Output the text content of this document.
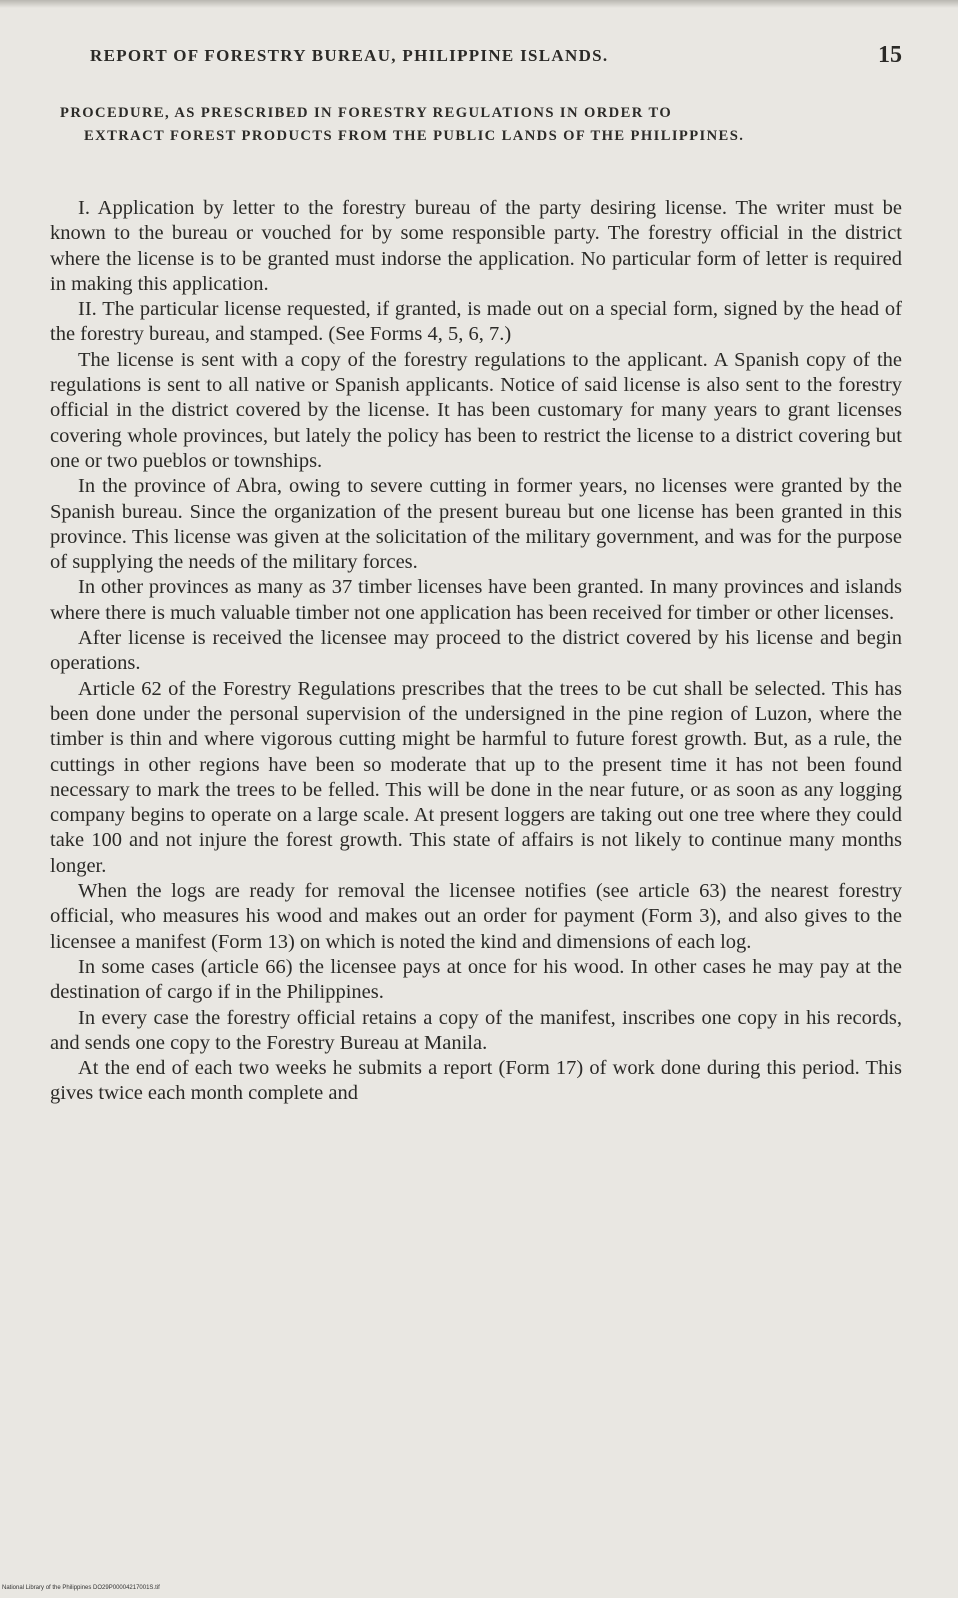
REPORT OF FORESTRY BUREAU, PHILIPPINE ISLANDS.	15
PROCEDURE, AS PRESCRIBED IN FORESTRY REGULATIONS IN ORDER TO
EXTRACT FOREST PRODUCTS FROM THE PUBLIC LANDS OF THE PHILIPPINES.

I. Application by letter to the forestry bureau of the party desiring license. The writer must be known to the bureau or vouched for by some responsible party. The forestry official in the district where the license is to be granted must indorse the application. No particular form of letter is required in making this application.

II. The particular license requested, if granted, is made out on a special form, signed by the head of the forestry bureau, and stamped. (See Forms 4, 5, 6, 7.)

The license is sent with a copy of the forestry regulations to the applicant. A Spanish copy of the regulations is sent to all native or Spanish applicants. Notice of said license is also sent to the forestry official in the district covered by the license. It has been customary for many years to grant licenses covering whole provinces, but lately the policy has been to restrict the license to a district covering but one or two pueblos or townships.

In the province of Abra, owing to severe cutting in former years, no licenses were granted by the Spanish bureau. Since the organization of the present bureau but one license has been granted in this province. This license was given at the solicitation of the military government, and was for the purpose of supplying the needs of the military forces.

In other provinces as many as 37 timber licenses have been granted. In many provinces and islands where there is much valuable timber not one application has been received for timber or other licenses.

After license is received the licensee may proceed to the district covered by his license and begin operations.

Article 62 of the Forestry Regulations prescribes that the trees to be cut shall be selected. This has been done under the personal supervision of the undersigned in the pine region of Luzon, where the timber is thin and where vigorous cutting might be harmful to future forest growth. But, as a rule, the cuttings in other regions have been so moderate that up to the present time it has not been found necessary to mark the trees to be felled. This will be done in the near future, or as soon as any logging company begins to operate on a large scale. At present loggers are taking out one tree where they could take 100 and not injure the forest growth. This state of affairs is not likely to continue many months longer.

When the logs are ready for removal the licensee notifies (see article 63) the nearest forestry official, who measures his wood and makes out an order for payment (Form 3), and also gives to the licensee a manifest (Form 13) on which is noted the kind and dimensions of each log.

In some cases (article 66) the licensee pays at once for his wood. In other cases he may pay at the destination of cargo if in the Philippines.

In every case the forestry official retains a copy of the manifest, inscribes one copy in his records, and sends one copy to the Forestry Bureau at Manila.

At the end of each two weeks he submits a report (Form 17) of work done during this period. This gives twice each month complete and

National Library of the Philippines DO29P00004217001S.tif
